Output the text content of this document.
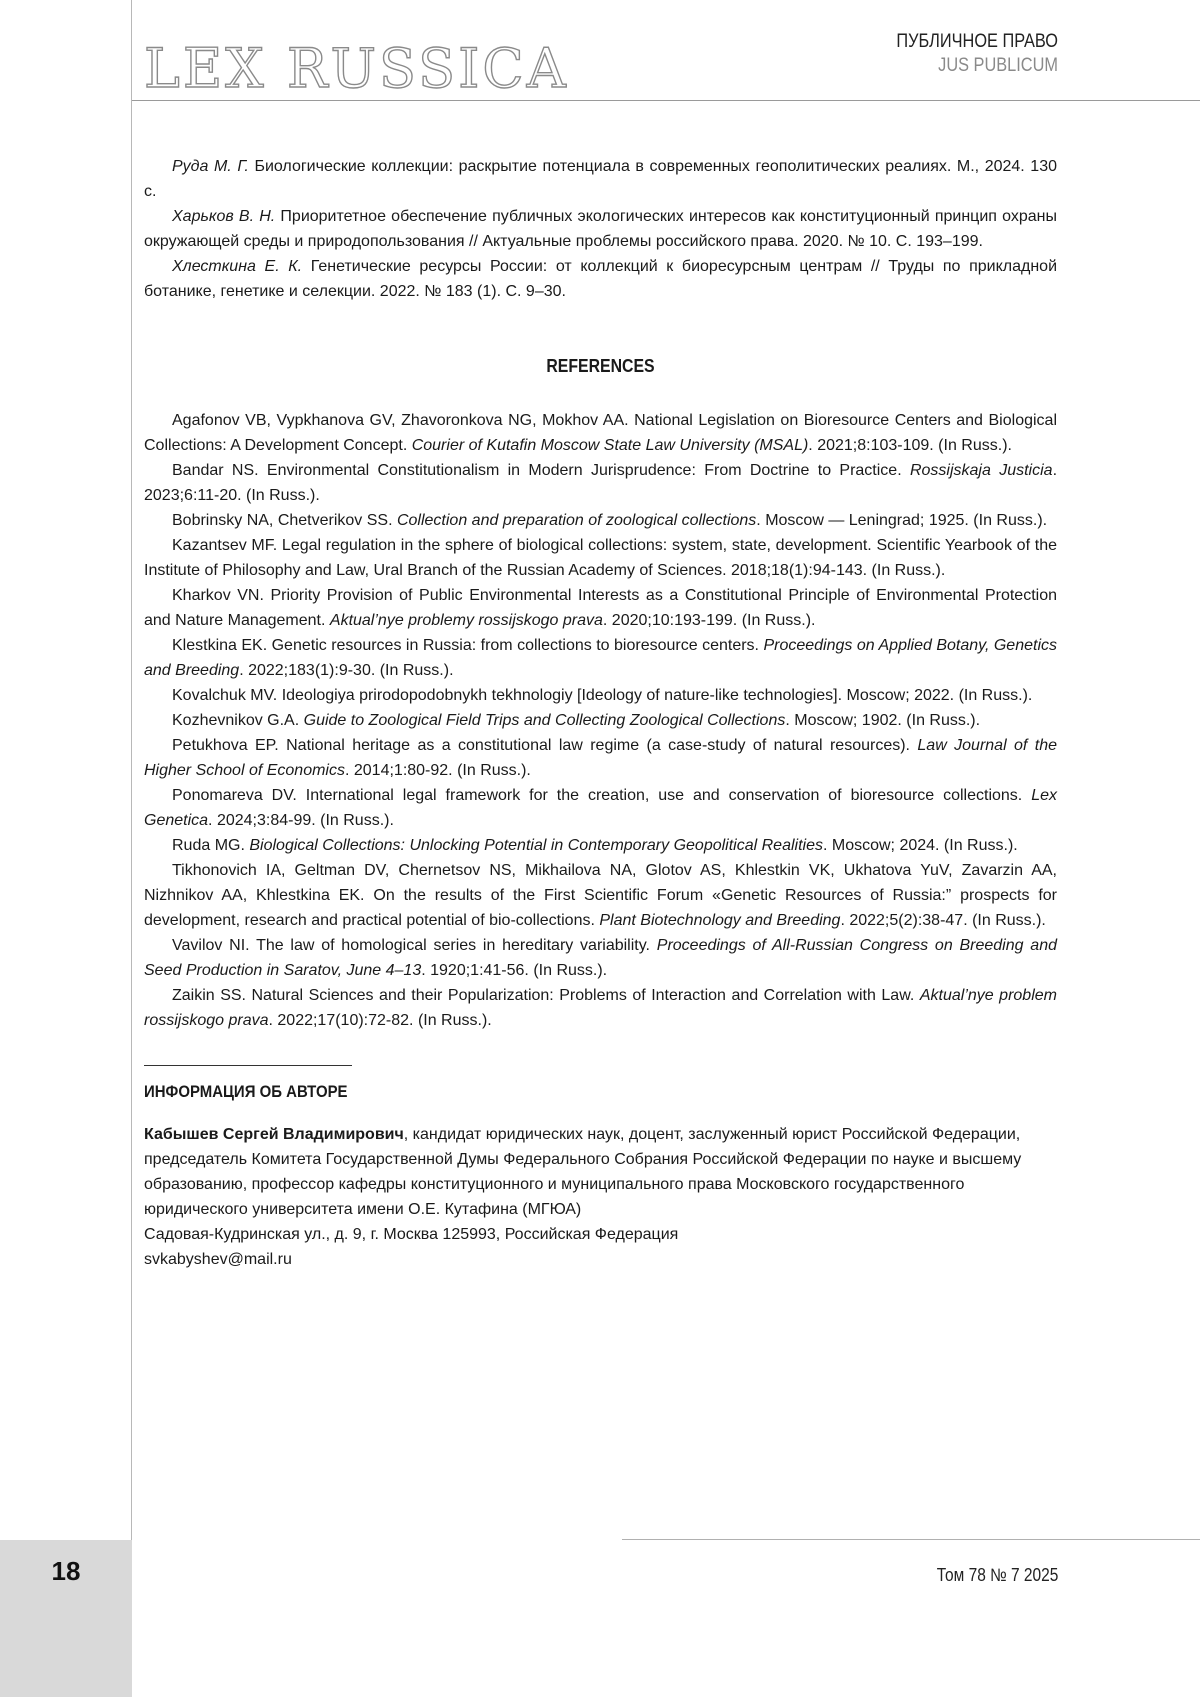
18
LEX RUSSICA	ПУБЛИЧНОЕ ПРАВО
JUS PUBLICUM

Руда М. Г. Биологические коллекции: раскрытие потенциала в современных геополитических реалиях. М., 2024. 130 с.

Харьков В. Н. Приоритетное обеспечение публичных экологических интересов как конституционный принцип охраны окружающей среды и природопользования // Актуальные проблемы российского права. 2020. № 10. С. 193–199.

Хлесткина Е. К. Генетические ресурсы России: от коллекций к биоресурсным центрам // Труды по прикладной ботанике, генетике и селекции. 2022. № 183 (1). С. 9–30.

REFERENCES

Agafonov VB, Vypkhanova GV, Zhavoronkova NG, Mokhov AA. National Legislation on Bioresource Centers and Biological Collections: A Development Concept. Courier of Kutafin Moscow State Law University (MSAL). 2021;8:103-109. (In Russ.).

Bandar NS. Environmental Constitutionalism in Modern Jurisprudence: From Doctrine to Practice. Rossijskaja Justicia. 2023;6:11-20. (In Russ.).

Bobrinsky NA, Chetverikov SS. Collection and preparation of zoological collections. Moscow — Leningrad; 1925. (In Russ.).

Kazantsev MF. Legal regulation in the sphere of biological collections: system, state, development. Scientific Yearbook of the Institute of Philosophy and Law, Ural Branch of the Russian Academy of Sciences. 2018;18(1):94-143. (In Russ.).

Kharkov VN. Priority Provision of Public Environmental Interests as a Constitutional Principle of Environmental Protection and Nature Management. Aktual’nye problemy rossijskogo prava. 2020;10:193-199. (In Russ.).

Klestkina EK. Genetic resources in Russia: from collections to bioresource centers. Proceedings on Applied Botany, Genetics and Breeding. 2022;183(1):9-30. (In Russ.).

Kovalchuk MV. Ideologiya prirodopodobnykh tekhnologiy [Ideology of nature-like technologies]. Moscow; 2022. (In Russ.).

Kozhevnikov G.A. Guide to Zoological Field Trips and Collecting Zoological Collections. Moscow; 1902. (In Russ.).

Petukhova EP. National heritage as a constitutional law regime (a case-study of natural resources). Law Journal of the Higher School of Economics. 2014;1:80-92. (In Russ.).

Ponomareva DV. International legal framework for the creation, use and conservation of bioresource collections. Lex Genetica. 2024;3:84-99. (In Russ.).

Ruda MG. Biological Collections: Unlocking Potential in Contemporary Geopolitical Realities. Moscow; 2024. (In Russ.).

Tikhonovich IA, Geltman DV, Chernetsov NS, Mikhailova NA, Glotov AS, Khlestkin VK, Ukhatova YuV, Zavarzin AA, Nizhnikov AA, Khlestkina EK. On the results of the First Scientific Forum «Genetic Resources of Russia:” prospects for development, research and practical potential of bio-collections. Plant Biotechnology and Breeding. 2022;5(2):38-47. (In Russ.).

Vavilov NI. The law of homological series in hereditary variability. Proceedings of All-Russian Congress on Breeding and Seed Production in Saratov, June 4–13. 1920;1:41-56. (In Russ.).

Zaikin SS. Natural Sciences and their Popularization: Problems of Interaction and Correlation with Law. Aktual’nye problem rossijskogo prava. 2022;17(10):72-82. (In Russ.).

ИНФОРМАЦИЯ ОБ АВТОРЕ

Кабышев Сергей Владимирович, кандидат юридических наук, доцент, заслуженный юрист Российской Федерации, председатель Комитета Государственной Думы Федерального Собрания Российской Федерации по науке и высшему образованию, профессор кафедры конституционного и муниципального права Московского государственного юридического университета имени О.Е. Кутафина (МГЮА)

Садовая-Кудринская ул., д. 9, г. Москва 125993, Российская Федерация

svkabyshev@mail.ru

Том 78 № 7 2025
